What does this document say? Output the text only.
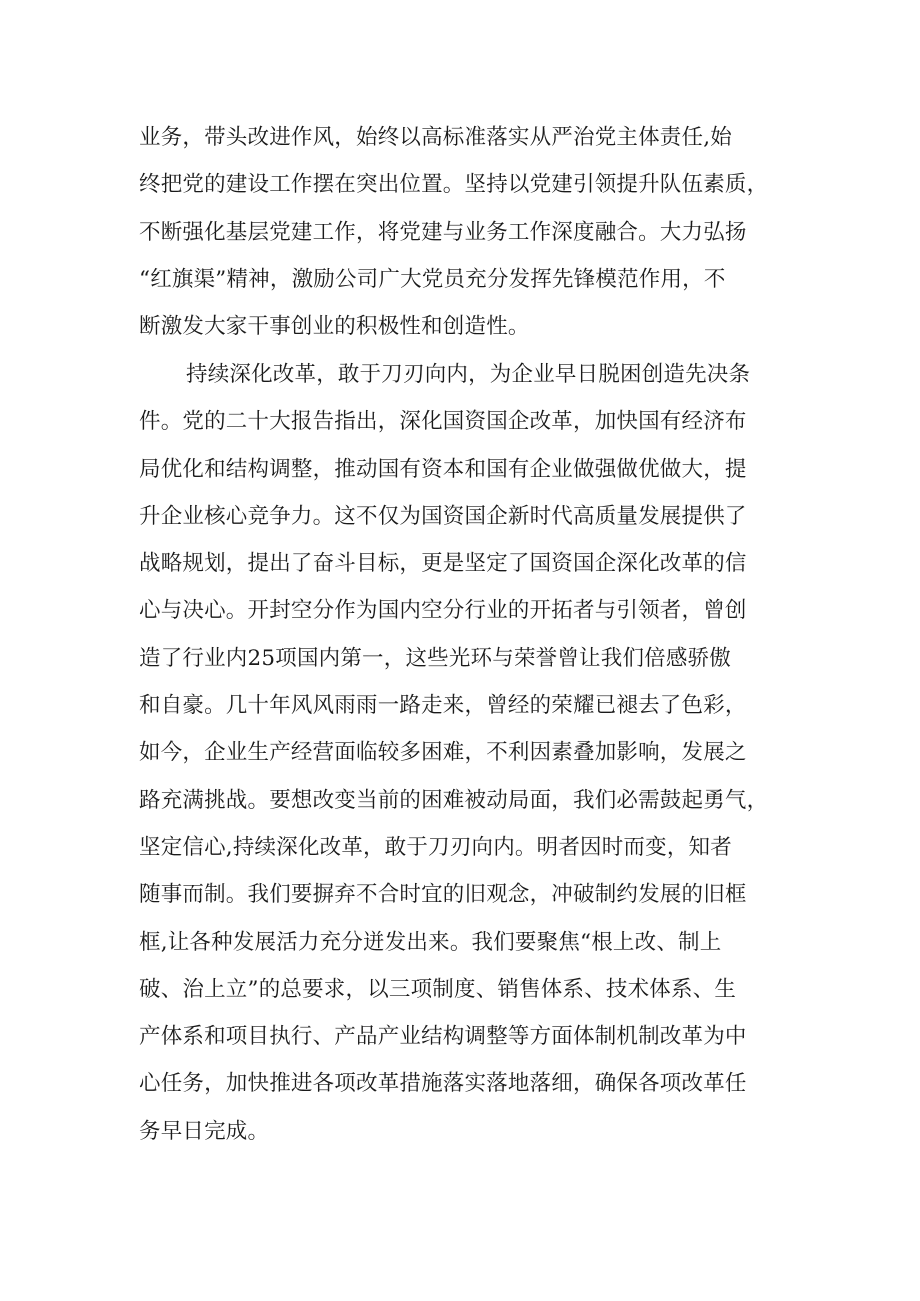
业务，带头改进作风，始终以高标准落实从严治党主体责任,始
终把党的建设工作摆在突出位置。坚持以党建引领提升队伍素质，
不断强化基层党建工作，将党建与业务工作深度融合。大力弘扬
“红旗渠”精神，激励公司广大党员充分发挥先锋模范作用，不
断激发大家干事创业的积极性和创造性。
持续深化改革，敢于刀刃向内，为企业早日脱困创造先决条
件。党的二十大报告指出，深化国资国企改革，加快国有经济布
局优化和结构调整，推动国有资本和国有企业做强做优做大，提
升企业核心竞争力。这不仅为国资国企新时代高质量发展提供了
战略规划，提出了奋斗目标，更是坚定了国资国企深化改革的信
心与决心。开封空分作为国内空分行业的开拓者与引领者，曾创
造了行业内25项国内第一，这些光环与荣誉曾让我们倍感骄傲
和自豪。几十年风风雨雨一路走来，曾经的荣耀已褪去了色彩，
如今，企业生产经营面临较多困难，不利因素叠加影响，发展之
路充满挑战。要想改变当前的困难被动局面，我们必需鼓起勇气，
坚定信心,持续深化改革，敢于刀刃向内。明者因时而变，知者
随事而制。我们要摒弃不合时宜的旧观念，冲破制约发展的旧框
框,让各种发展活力充分迸发出来。我们要聚焦“根上改、制上
破、治上立”的总要求，以三项制度、销售体系、技术体系、生
产体系和项目执行、产品产业结构调整等方面体制机制改革为中
心任务，加快推进各项改革措施落实落地落细，确保各项改革任
务早日完成。
